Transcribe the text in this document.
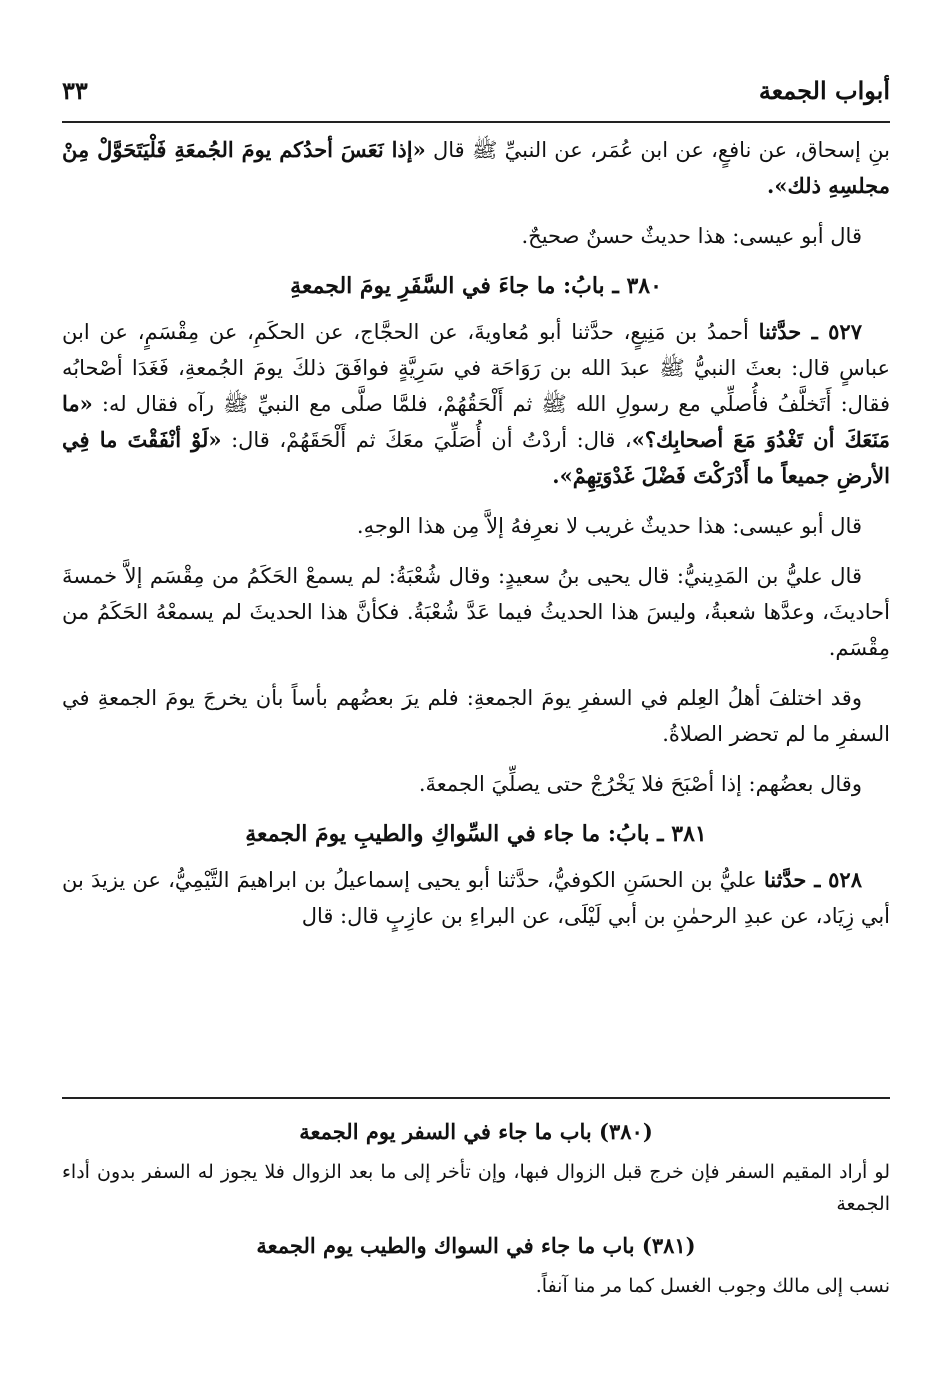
أبواب الجمعة
٣٣

بنِ إسحاق، عن نافعٍ، عن ابن عُمَر، عن النبيِّ ﷺ قال «إذا نَعَسَ أحدُكم يومَ الجُمعَةِ فَلْيَتَحَوَّلْ مِنْ مجلسِهِ ذلك».

قال أبو عيسى: هذا حديثٌ حسنٌ صحيحٌ.

٣٨٠ ـ بابُ: ما جاءَ في السَّفَرِ يومَ الجمعةِ

٥٢٧ ـ حدَّثنا أحمدُ بن مَنِيعٍ، حدَّثنا أبو مُعاويةَ، عن الحجَّاج، عن الحكَمِ، عن مِقْسَمٍ، عن ابن عباسٍ قال: بعثَ النبيُّ ﷺ عبدَ الله بن رَوَاحَة في سَرِيَّةٍ فوافَقَ ذلكَ يومَ الجُمعةِ، فَغَدَا أصْحابُه فقال: أَتَخلَّفُ فأُصلِّي مع رسولِ الله ﷺ ثم أَلْحَقُهُمْ، فلمَّا صلَّى مع النبيِّ ﷺ رآه فقال له: «ما مَنَعَكَ أن تَغْدُوَ مَعَ أصحابِك؟»، قال: أردْتُ أن أُصَلِّيَ معَكَ ثم أَلْحَقَهُمْ، قال: «لَوْ أنْفَقْتَ ما فِي الأرضِ جميعاً ما أَدْرَكْتَ فَضْلَ غَدْوَتِهِمْ».

قال أبو عيسى: هذا حديثٌ غريب لا نعرِفهُ إلاَّ مِن هذا الوجهِ.

قال عليُّ بن المَدِينيُّ: قال يحيى بنُ سعيدٍ: وقال شُعْبَةُ: لم يسمعْ الحَكَمُ من مِقْسَم إلاَّ خمسةَ أحاديثَ، وعدَّها شعبةُ، وليسَ هذا الحديثُ فيما عَدَّ شُعْبَةُ. فكأنَّ هذا الحديثَ لم يسمعْهُ الحَكَمُ من مِقْسَم.

وقد اختلفَ أهلُ العِلم في السفرِ يومَ الجمعةِ: فلم يرَ بعضُهم بأساً بأن يخرجَ يومَ الجمعةِ في السفرِ ما لم تحضر الصلاةُ.

وقال بعضُهم: إذا أصْبَحَ فلا يَخْرُجْ حتى يصلِّيَ الجمعةَ.

٣٨١ ـ بابُ: ما جاء في السِّواكِ والطيبِ يومَ الجمعةِ

٥٢٨ ـ حدَّثنا عليُّ بن الحسَنِ الكوفيُّ، حدَّثنا أبو يحيى إسماعيلُ بن ابراهيمَ التَّيْمِيُّ، عن يزيدَ بن أبي زِيَاد، عن عبدِ الرحمٰنِ بن أبي لَيْلَى، عن البراءِ بن عازِبٍ قال: قال

(٣٨٠) باب ما جاء في السفر يوم الجمعة

لو أراد المقيم السفر فإن خرج قبل الزوال فبها، وإن تأخر إلى ما بعد الزوال فلا يجوز له السفر بدون أداء الجمعة

(٣٨١) باب ما جاء في السواك والطيب يوم الجمعة

نسب إلى مالك وجوب الغسل كما مر منا آنفاً.
